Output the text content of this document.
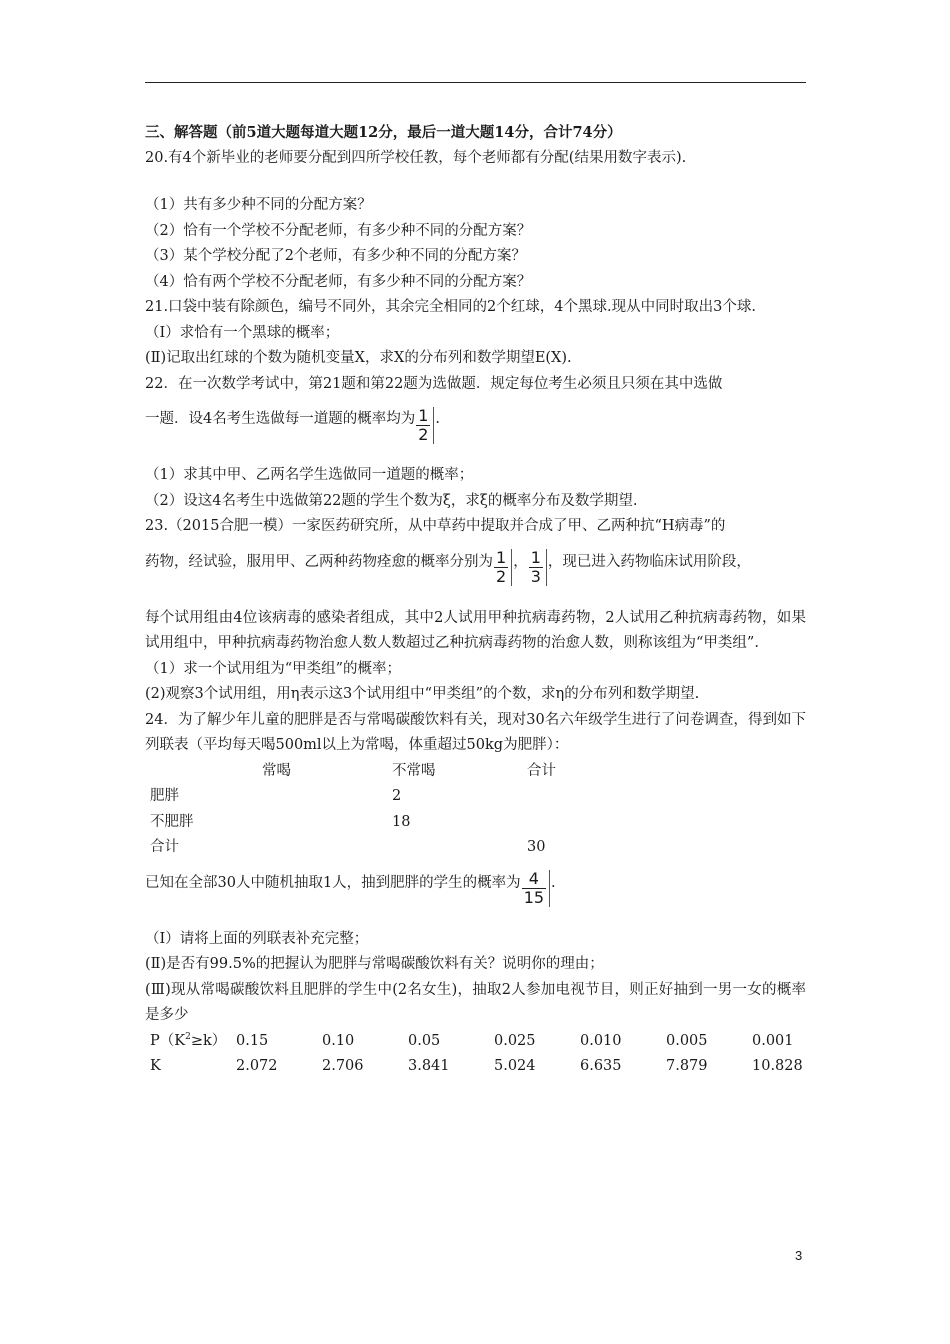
三、解答题（前5道大题每道大题12分，最后一道大题14分，合计74分）

20.有4个新毕业的老师要分配到四所学校任教，每个老师都有分配(结果用数字表示).

（1）共有多少种不同的分配方案？

（2）恰有一个学校不分配老师，有多少种不同的分配方案？

（3）某个学校分配了2个老师，有多少种不同的分配方案？

（4）恰有两个学校不分配老师，有多少种不同的分配方案？

21.口袋中装有除颜色，编号不同外，其余完全相同的2个红球，4个黑球.现从中同时取出3个球.

（Ⅰ）求恰有一个黑球的概率；

(Ⅱ)记取出红球的个数为随机变量X，求X的分布列和数学期望E(X).

22．在一次数学考试中，第21题和第22题为选做题．规定每位考生必须且只须在其中选做

一题．设4名考生选做每一道题的概率均为 $\frac{1}{2}$ .

（1）求其中甲、乙两名学生选做同一道题的概率；

（2）设这4名考生中选做第22题的学生个数为ξ，求ξ的概率分布及数学期望.

23.（2015合肥一模）一家医药研究所，从中草药中提取并合成了甲、乙两种抗“H病毒”的

药物，经试验，服用甲、乙两种药物痊愈的概率分别为 $\frac{1}{2}$ ， $\frac{1}{3}$ ，现已进入药物临床试用阶段，

每个试用组由4位该病毒的感染者组成，其中2人试用甲种抗病毒药物，2人试用乙种抗病毒药物，如果试用组中，甲种抗病毒药物治愈人数人数超过乙种抗病毒药物的治愈人数，则称该组为“甲类组”.

（1）求一个试用组为“甲类组”的概率；

(2)观察3个试用组，用η表示这3个试用组中“甲类组”的个数，求η的分布列和数学期望.

24．为了解少年儿童的肥胖是否与常喝碳酸饮料有关，现对30名六年级学生进行了问卷调查，得到如下列联表（平均每天喝500ml以上为常喝，体重超过50kg为肥胖）：

	常喝	不常喝	合计
肥胖		2	
不肥胖		18	
合计			30

已知在全部30人中随机抽取1人，抽到肥胖的学生的概率为 $\frac{4}{15}$ .

（Ⅰ）请将上面的列联表补充完整；

(Ⅱ)是否有99.5%的把握认为肥胖与常喝碳酸饮料有关？说明你的理由；

(Ⅲ)现从常喝碳酸饮料且肥胖的学生中(2名女生)，抽取2人参加电视节目，则正好抽到一男一女的概率是多少

$P(K^2\ge k)$	0.15	0.10	0.05	0.025	0.010	0.005	0.001
K	2.072	2.706	3.841	5.024	6.635	7.879	10.828
3
